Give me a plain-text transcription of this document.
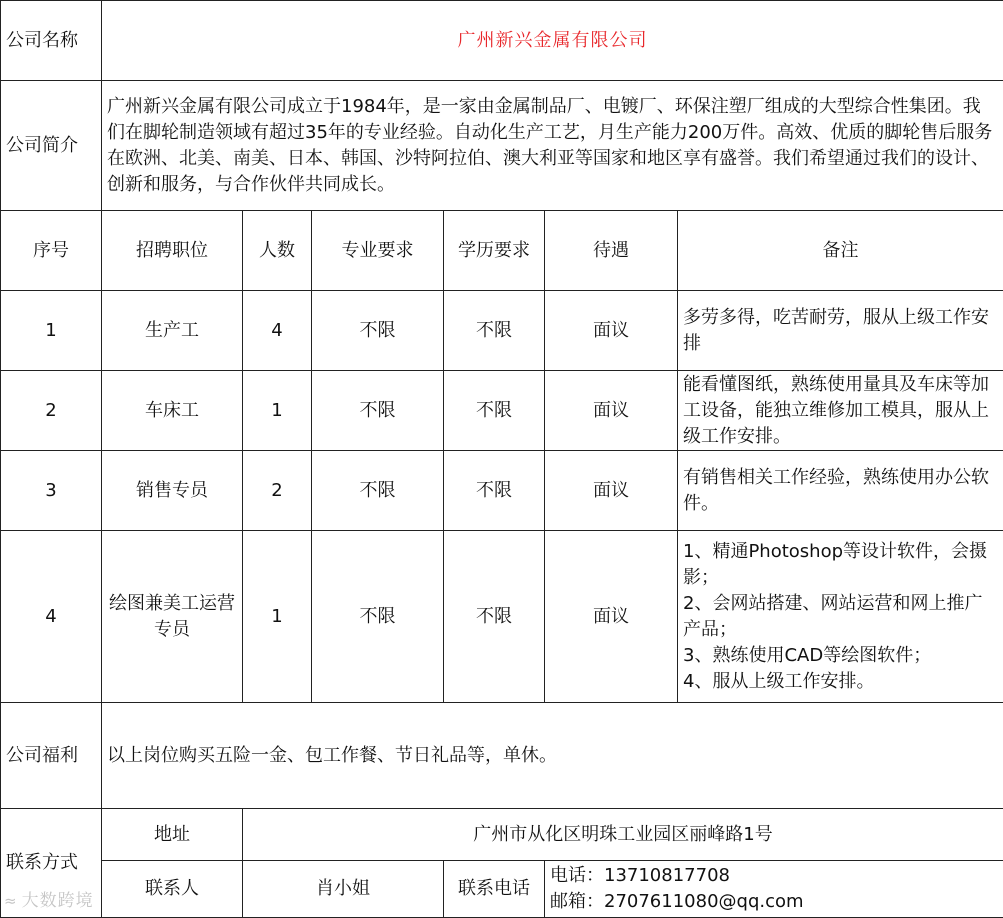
公司名称	广州新兴金属有限公司					
公司简介	广州新兴金属有限公司成立于1984年，是一家由金属制品厂、电镀厂、环保注塑厂组成的大型综合性集团。我们在脚轮制造领域有超过35年的专业经验。自动化生产工艺，月生产能力200万件。高效、优质的脚轮售后服务在欧洲、北美、南美、日本、韩国、沙特阿拉伯、澳大利亚等国家和地区享有盛誉。我们希望通过我们的设计、创新和服务，与合作伙伴共同成长。					
序号	招聘职位	人数	专业要求	学历要求	待遇	备注
1	生产工	4	不限	不限	面议	多劳多得，吃苦耐劳，服从上级工作安排

2	车床工	1	不限	不限	面议	能看懂图纸，熟练使用量具及车床等加工设备，能独立维修加工模具，服从上级工作安排。

3	销售专员	2	不限	不限	面议	有销售相关工作经验，熟练使用办公软件。

4	绘图兼美工运营专员	1	不限	不限	面议	1、精通Photoshop等设计软件，会摄影；
2、会网站搭建、网站运营和网上推广产品；
3、熟练使用CAD等绘图软件；
4、服从上级工作安排。

公司福利	以上岗位购买五险一金、包工作餐、节日礼品等，单休。					
联系方式	地址	广州市从化区明珠工业园区丽峰路1号				
	联系人	肖小姐		联系电话	电话：13710817708
邮箱：2707611080@qq.com	
≈ 大数跨境
